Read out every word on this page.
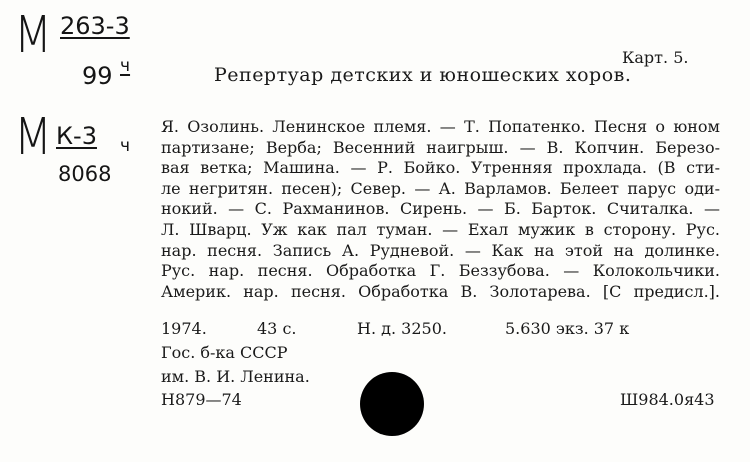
М 263-3
99 ч
М К-3 ч
8068
Карт. 5.
Репертуар детских и юношеских хоров.
Я. Озолинь. Ленинское племя. — Т. Попатенко. Песня о юном
партизане; Верба; Весенний наигрыш. — В. Копчин. Березо-
вая ветка; Машина. — Р. Бойко. Утренняя прохлада. (В сти-
ле негритян. песен); Север. — А. Варламов. Белеет парус оди-
нокий. — С. Рахманинов. Сирень. — Б. Барток. Считалка. —
Л. Шварц. Уж как пал туман. — Ехал мужик в сторону. Рус.
нар. песня. Запись А. Рудневой. — Как на этой на долинке.
Рус. нар. песня. Обработка Г. Беззубова. — Колокольчики.
Америк. нар. песня. Обработка В. Золотарева. [С предисл.].
1974.	43 с.	Н. д. 3250.	5.630 экз. 37 к
Гос. б-ка СССР
им. В. И. Ленина.
Н879—74	Ш984.0я43
